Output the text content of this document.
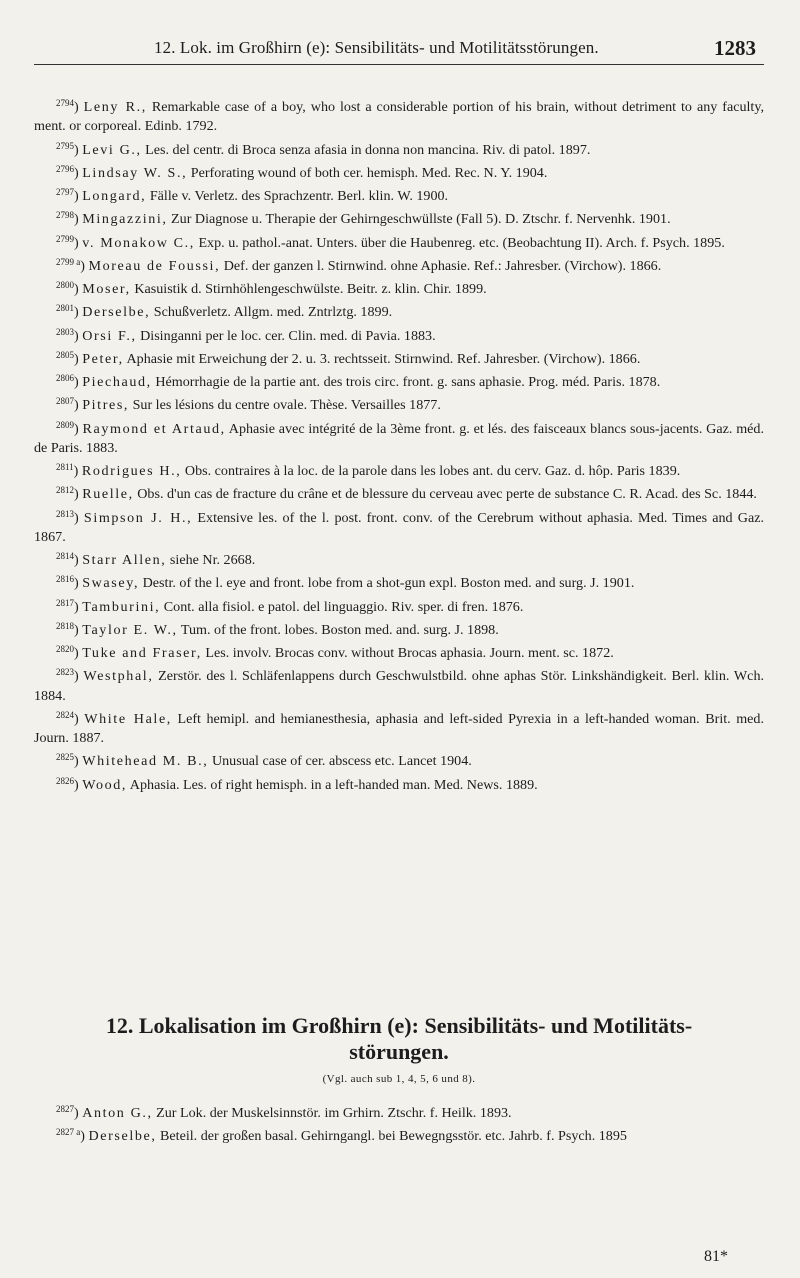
12. Lok. im Großhirn (e): Sensibilitäts- und Motilitätsstörungen.	1283

$^{2794}$) Leny R., Remarkable case of a boy, who lost a considerable portion of his brain, without detriment to any faculty, ment. or corporeal. Edinb. 1792.

$^{2795}$) Levi G., Les. del centr. di Broca senza afasia in donna non mancina. Riv. di patol. 1897.

$^{2796}$) Lindsay W. S., Perforating wound of both cer. hemisph. Med. Rec. N. Y. 1904.

$^{2797}$) Longard, Fälle v. Verletz. des Sprachzentr. Berl. klin. W. 1900.

$^{2798}$) Mingazzini, Zur Diagnose u. Therapie der Gehirngeschwüllste (Fall 5). D. Ztschr. f. Nervenhk. 1901.

$^{2799}$) v. Monakow C., Exp. u. pathol.-anat. Unters. über die Haubenreg. etc. (Beobachtung II). Arch. f. Psych. 1895.

$^{2799 a}$) Moreau de Foussi, Def. der ganzen l. Stirnwind. ohne Aphasie. Ref.: Jahresber. (Virchow). 1866.

$^{2800}$) Moser, Kasuistik d. Stirnhöhlengeschwülste. Beitr. z. klin. Chir. 1899.

$^{2801}$) Derselbe, Schußverletz. Allgm. med. Zntrlztg. 1899.

$^{2803}$) Orsi F., Disinganni per le loc. cer. Clin. med. di Pavia. 1883.

$^{2805}$) Peter, Aphasie mit Erweichung der 2. u. 3. rechtsseit. Stirnwind. Ref. Jahresber. (Virchow). 1866.

$^{2806}$) Piechaud, Hémorrhagie de la partie ant. des trois circ. front. g. sans aphasie. Prog. méd. Paris. 1878.

$^{2807}$) Pitres, Sur les lésions du centre ovale. Thèse. Versailles 1877.

$^{2809}$) Raymond et Artaud, Aphasie avec intégrité de la 3ème front. g. et lés. des faisceaux blancs sous-jacents. Gaz. méd. de Paris. 1883.

$^{2811}$) Rodrigues H., Obs. contraires à la loc. de la parole dans les lobes ant. du cerv. Gaz. d. hôp. Paris 1839.

$^{2812}$) Ruelle, Obs. d'un cas de fracture du crâne et de blessure du cerveau avec perte de substance C. R. Acad. des Sc. 1844.

$^{2813}$) Simpson J. H., Extensive les. of the l. post. front. conv. of the Cerebrum without aphasia. Med. Times and Gaz. 1867.

$^{2814}$) Starr Allen, siehe Nr. 2668.

$^{2816}$) Swasey, Destr. of the l. eye and front. lobe from a shot-gun expl. Boston med. and surg. J. 1901.

$^{2817}$) Tamburini, Cont. alla fisiol. e patol. del linguaggio. Riv. sper. di fren. 1876.

$^{2818}$) Taylor E. W., Tum. of the front. lobes. Boston med. and. surg. J. 1898.

$^{2820}$) Tuke and Fraser, Les. involv. Brocas conv. without Brocas aphasia. Journ. ment. sc. 1872.

$^{2823}$) Westphal, Zerstör. des l. Schläfenlappens durch Geschwulstbild. ohne aphas Stör. Linkshändigkeit. Berl. klin. Wch. 1884.

$^{2824}$) White Hale, Left hemipl. and hemianesthesia, aphasia and left-sided Pyrexia in a left-handed woman. Brit. med. Journ. 1887.

$^{2825}$) Whitehead M. B., Unusual case of cer. abscess etc. Lancet 1904.

$^{2826}$) Wood, Aphasia. Les. of right hemisph. in a left-handed man. Med. News. 1889.

12. Lokalisation im Großhirn (e): Sensibilitäts- und Motilitäts-
störungen.
(Vgl. auch sub 1, 4, 5, 6 und 8).

$^{2827}$) Anton G., Zur Lok. der Muskelsinnstör. im Grhirn. Ztschr. f. Heilk. 1893.

$^{2827 a}$) Derselbe, Beteil. der großen basal. Gehirngangl. bei Bewegngsstör. etc. Jahrb. f. Psych. 1895

81*
